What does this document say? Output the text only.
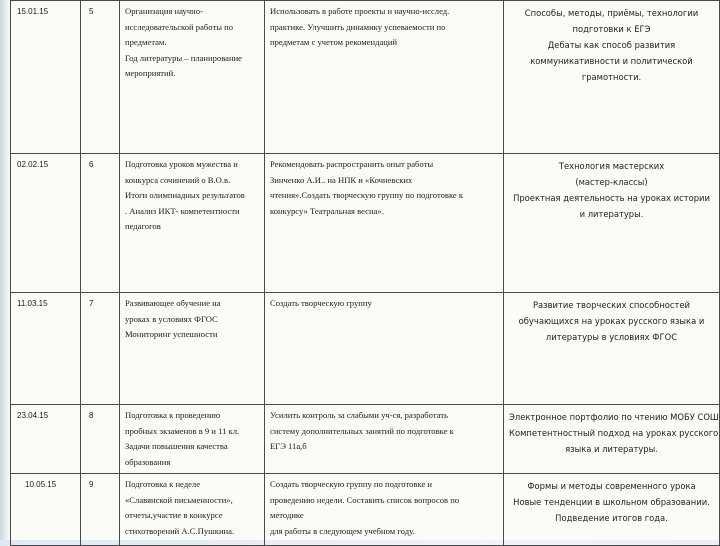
15.01.15	5	Организация научно-
исследовательской работы по
предметам.
Год литературы – планирование
мероприятий.	Использовать в работе проекты и научно-исслед.
практике. Улучшить динамику успеваемости по
предметам с учетом рекомендаций	Способы, методы, приёмы, технологии
подготовки к ЕГЭ
Дебаты как способ развития
коммуникативности и политической
грамотности.

02.02.15	6	Подготовка уроков мужества и
конкурса сочинений о В.О.в.
Итоги олимпиадных результатов
. Анализ ИКТ- компетентности
педагогов	Рекомендовать распространить опыт работы
Зинченко А.И.. на НПК и «Кочневских
чтения».Создать творческую группу по подготовке к
конкурсу» Театральная весна».	Технология мастерских
(мастер-классы)
Проектная деятельность на уроках истории
и литературы.

11.03.15	7	Развивающее обучение на
уроках в условиях ФГОС
Мониторинг успешности	Создать творческую группу	Развитие творческих способностей
обучающихся на уроках русского языка и
литературы в условиях ФГОС

23.04.15	8	Подготовка к проведению
пробных экзаменов в 9 и 11 кл.
Задачи повышения качества
образования	Усилить контроль за слабыми уч-ся, разработать
систему дополнительных занятий по подготовке к
ЕГЭ 11а,б	Электронное портфолио по чтению МОБУ СОШ
Компетентностный подход на уроках русского
языка и литературы.

10.05.15	9	Подготовка к неделе
«Славянской письменности»,
отчеты,участие в конкурсе
стихотворений А.С.Пушкина.	Создать творческую группу по подготовке и
проведению недели. Составить список вопросов по
методике
для работы в следующем учебном году.	Формы и методы современного урока
Новые тенденции в школьном образовании.
Подведение итогов года.
